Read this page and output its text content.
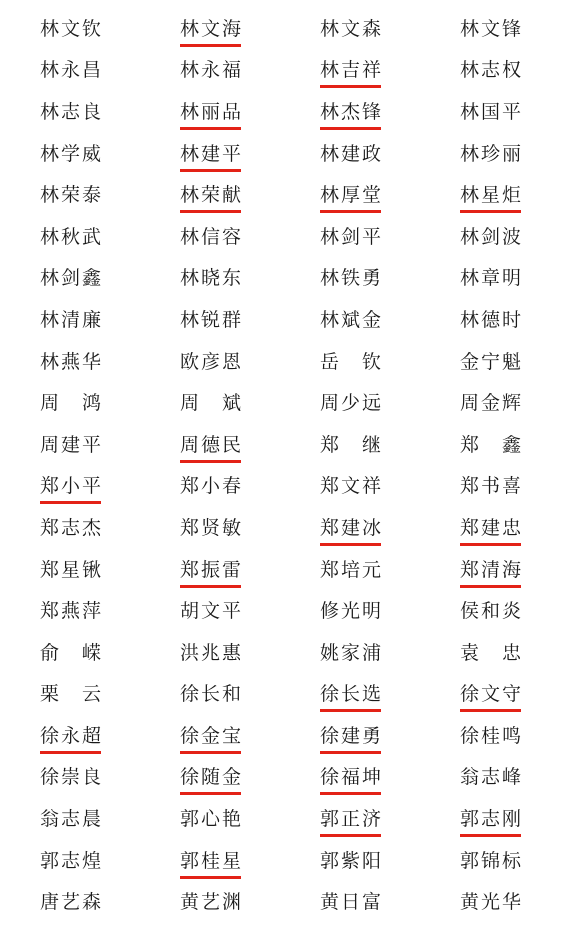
林文钦	林文海	林文森	林文锋
林永昌	林永福	林吉祥	林志权
林志良	林丽品	林杰锋	林国平
林学威	林建平	林建政	林珍丽
林荣泰	林荣献	林厚堂	林星炬
林秋武	林信容	林剑平	林剑波
林剑鑫	林晓东	林铁勇	林章明
林清廉	林锐群	林斌金	林德时
林燕华	欧彦恩	岳　钦	金宁魁
周　鸿	周　斌	周少远	周金辉
周建平	周德民	郑　继	郑　鑫
郑小平	郑小春	郑文祥	郑书喜
郑志杰	郑贤敏	郑建冰	郑建忠
郑星锹	郑振雷	郑培元	郑清海
郑燕萍	胡文平	修光明	侯和炎
俞　嵘	洪兆惠	姚家浦	袁　忠
栗　云	徐长和	徐长选	徐文守
徐永超	徐金宝	徐建勇	徐桂鸣
徐崇良	徐随金	徐福坤	翁志峰
翁志晨	郭心艳	郭正济	郭志刚
郭志煌	郭桂星	郭紫阳	郭锦标
唐艺森	黄艺渊	黄日富	黄光华
